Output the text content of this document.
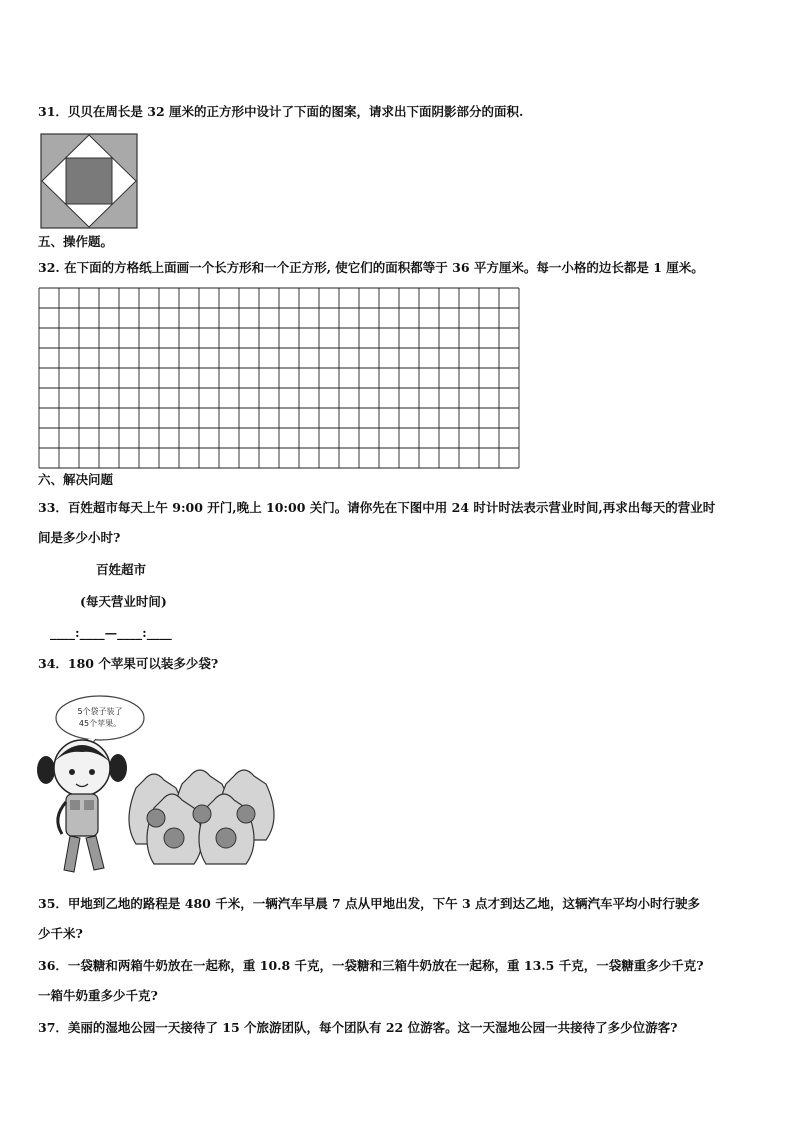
31．贝贝在周长是 32 厘米的正方形中设计了下面的图案，请求出下面阴影部分的面积.
五、操作题。
32. 在下面的方格纸上面画一个长方形和一个正方形, 使它们的面积都等于 36 平方厘米。每一小格的边长都是 1 厘米。
六、解决问题
33．百姓超市每天上午 9:00 开门,晚上 10:00 关门。请你先在下图中用 24 时计时法表示营业时间,再求出每天的营业时
间是多少小时?
百姓超市
(每天营业时间)
____:____—____:____
34．180 个苹果可以装多少袋?
5个袋子装了
45个苹果。
35．甲地到乙地的路程是 480 千米，一辆汽车早晨 7 点从甲地出发，下午 3 点才到达乙地，这辆汽车平均小时行驶多
少千米?
36．一袋糖和两箱牛奶放在一起称，重 10.8 千克，一袋糖和三箱牛奶放在一起称，重 13.5 千克，一袋糖重多少千克?
一箱牛奶重多少千克?
37．美丽的湿地公园一天接待了 15 个旅游团队，每个团队有 22 位游客。这一天湿地公园一共接待了多少位游客?
